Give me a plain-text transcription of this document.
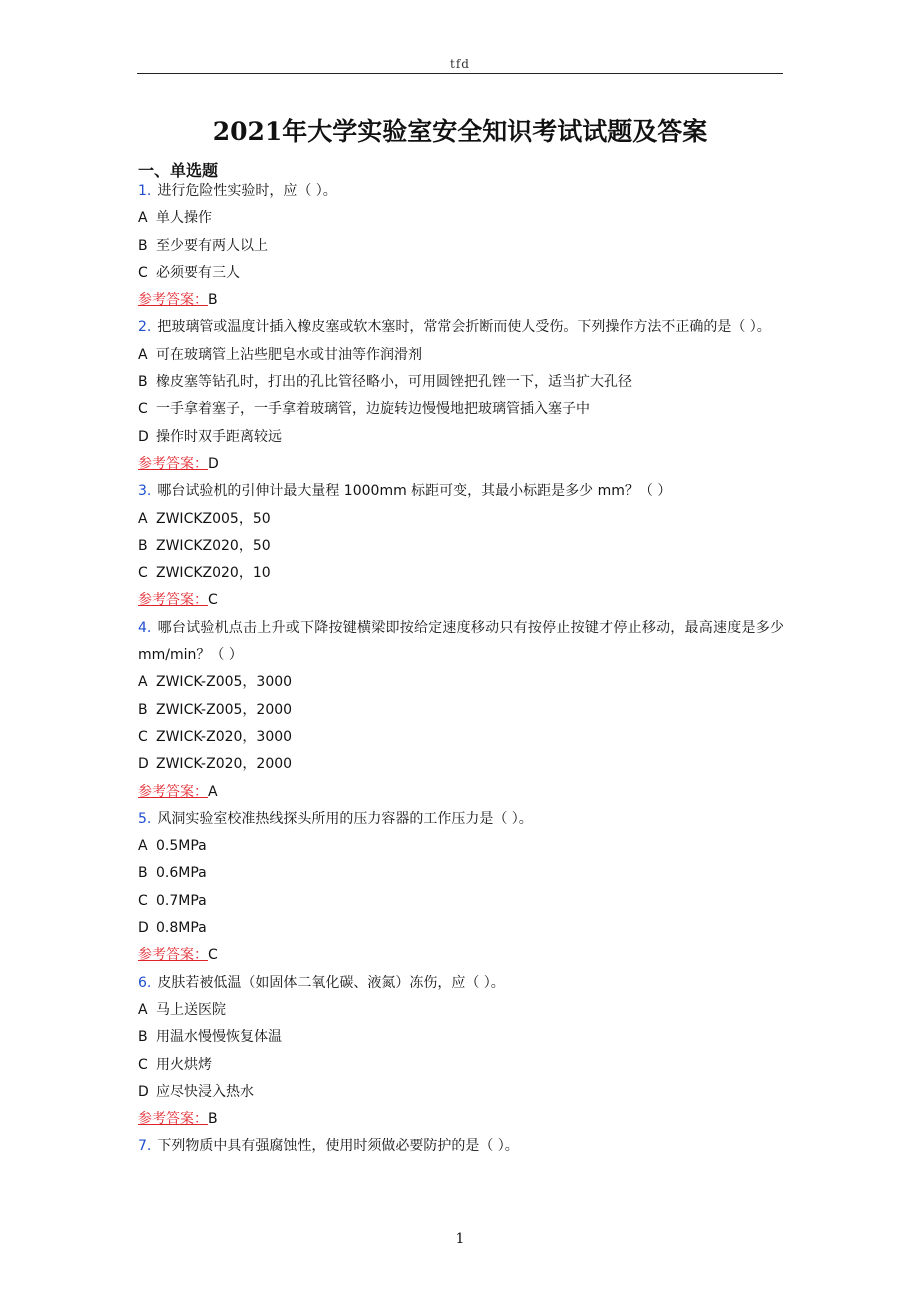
tfd
2021年大学实验室安全知识考试试题及答案
一、单选题
1. 进行危险性实验时，应（ ）。
A 单人操作
B 至少要有两人以上
C 必须要有三人
参考答案：B
2. 把玻璃管或温度计插入橡皮塞或软木塞时，常常会折断而使人受伤。下列操作方法不正确的是（ ）。
A 可在玻璃管上沾些肥皂水或甘油等作润滑剂
B 橡皮塞等钻孔时，打出的孔比管径略小，可用圆锉把孔锉一下，适当扩大孔径
C 一手拿着塞子，一手拿着玻璃管，边旋转边慢慢地把玻璃管插入塞子中
D 操作时双手距离较远
参考答案：D
3. 哪台试验机的引伸计最大量程 1000mm 标距可变，其最小标距是多少 mm？（ ）
A ZWICKZ005，50
B ZWICKZ020，50
C ZWICKZ020，10
参考答案：C
4. 哪台试验机点击上升或下降按键横梁即按给定速度移动只有按停止按键才停止移动，最高速度是多少 mm/min？（ ）
A ZWICK-Z005，3000
B ZWICK-Z005，2000
C ZWICK-Z020，3000
D ZWICK-Z020，2000
参考答案：A
5. 风洞实验室校准热线探头所用的压力容器的工作压力是（ ）。
A 0.5MPa
B 0.6MPa
C 0.7MPa
D 0.8MPa
参考答案：C
6. 皮肤若被低温（如固体二氧化碳、液氮）冻伤，应（ ）。
A 马上送医院
B 用温水慢慢恢复体温
C 用火烘烤
D 应尽快浸入热水
参考答案：B
7. 下列物质中具有强腐蚀性，使用时须做必要防护的是（ ）。
1
